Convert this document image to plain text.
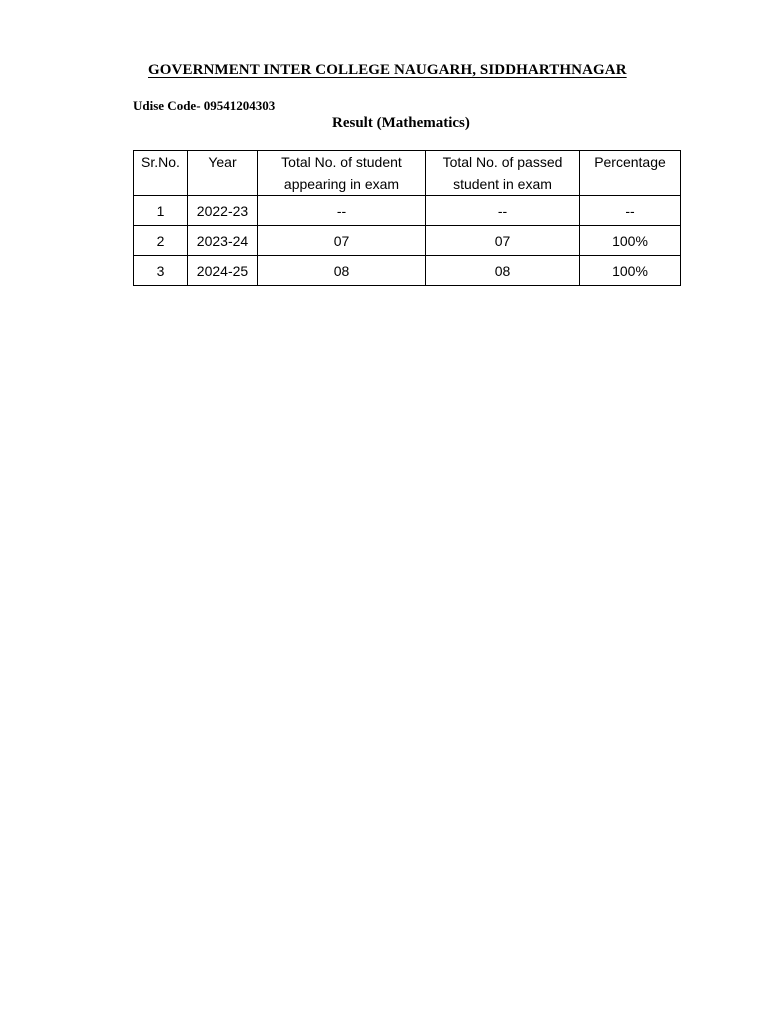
GOVERNMENT INTER COLLEGE NAUGARH, SIDDHARTHNAGAR
Udise Code- 09541204303
Result (Mathematics)
Sr.No.	Year	Total No. of student appearing in exam	Total No. of passed student in exam	Percentage
1	2022-23	--	--	--
2	2023-24	07	07	100%
3	2024-25	08	08	100%
